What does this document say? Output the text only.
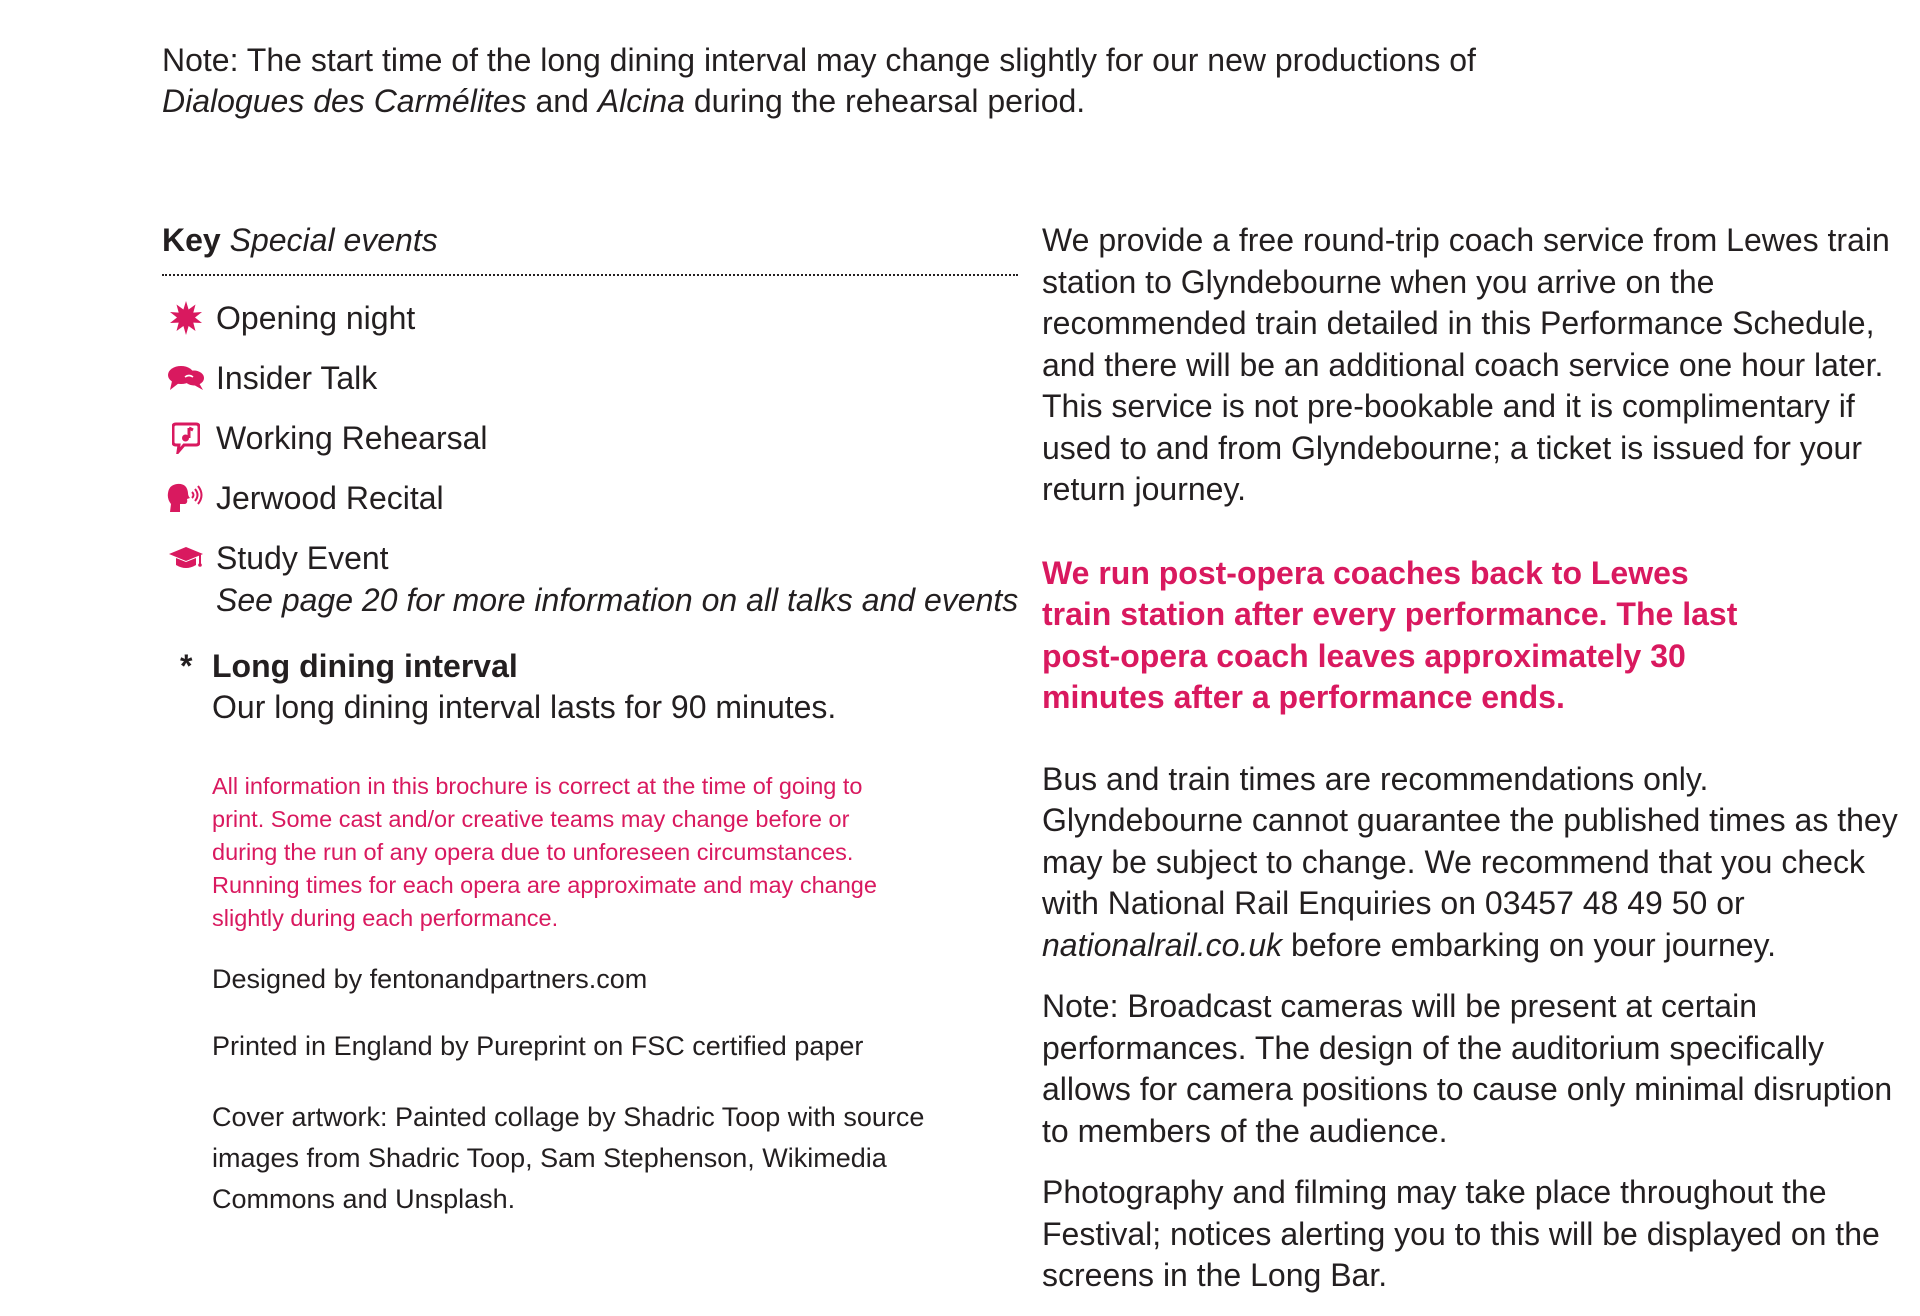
Note: The start time of the long dining interval may change slightly for our new productions of
Dialogues des Carmélites and Alcina during the rehearsal period.
Key Special events
Opening night
Insider Talk
Working Rehearsal
Jerwood Recital
Study Event
See page 20 for more information on all talks and events
* Long dining interval
Our long dining interval lasts for 90 minutes.
All information in this brochure is correct at the time of going to print. Some cast and/or creative teams may change before or during the run of any opera due to unforeseen circumstances. Running times for each opera are approximate and may change slightly during each performance.
Designed by fentonandpartners.com
Printed in England by Pureprint on FSC certified paper
Cover artwork: Painted collage by Shadric Toop with source images from Shadric Toop, Sam Stephenson, Wikimedia Commons and Unsplash.

We provide a free round-trip coach service from Lewes train station to Glyndebourne when you arrive on the recommended train detailed in this Performance Schedule, and there will be an additional coach service one hour later. This service is not pre-bookable and it is complimentary if used to and from Glyndebourne; a ticket is issued for your return journey.

We run post-opera coaches back to Lewes train station after every performance. The last post-opera coach leaves approximately 30 minutes after a performance ends.

Bus and train times are recommendations only. Glyndebourne cannot guarantee the published times as they may be subject to change. We recommend that you check with National Rail Enquiries on 03457 48 49 50 or
nationalrail.co.uk before embarking on your journey.

Note: Broadcast cameras will be present at certain performances. The design of the auditorium specifically allows for camera positions to cause only minimal disruption to members of the audience.

Photography and filming may take place throughout the Festival; notices alerting you to this will be displayed on the screens in the Long Bar.
